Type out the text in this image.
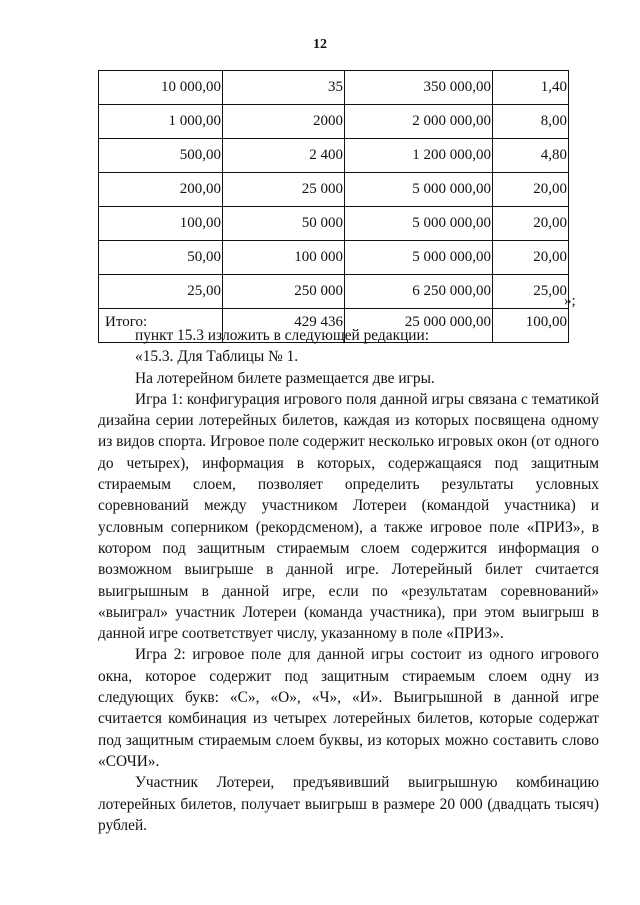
12
10 000,00	35	350 000,00	1,40
1 000,00	2000	2 000 000,00	8,00
500,00	2 400	1 200 000,00	4,80
200,00	25 000	5 000 000,00	20,00
100,00	50 000	5 000 000,00	20,00
50,00	100 000	5 000 000,00	20,00
25,00	250 000	6 250 000,00	25,00
Итого:	429 436	25 000 000,00	100,00
»;

пункт 15.3 изложить в следующей редакции:

«15.3. Для Таблицы № 1.

На лотерейном билете размещается две игры.

Игра 1: конфигурация игрового поля данной игры связана с тематикой дизайна серии лотерейных билетов, каждая из которых посвящена одному из видов спорта. Игровое поле содержит несколько игровых окон (от одного до четырех), информация в которых, содержащаяся под защитным стираемым слоем, позволяет определить результаты условных соревнований между участником Лотереи (командой участника) и условным соперником (рекордсменом), а также игровое поле «ПРИЗ», в котором под защитным стираемым слоем содержится информация о возможном выигрыше в данной игре. Лотерейный билет считается выигрышным в данной игре, если по «результатам соревнований» «выиграл» участник Лотереи (команда участника), при этом выигрыш в данной игре соответствует числу, указанному в поле «ПРИЗ».

Игра 2: игровое поле для данной игры состоит из одного игрового окна, которое содержит под защитным стираемым слоем одну из следующих букв: «С», «О», «Ч», «И». Выигрышной в данной игре считается комбинация из четырех лотерейных билетов, которые содержат под защитным стираемым слоем буквы, из которых можно составить слово «СОЧИ».

Участник Лотереи, предъявивший выигрышную комбинацию лотерейных билетов, получает выигрыш в размере 20 000 (двадцать тысяч) рублей.
